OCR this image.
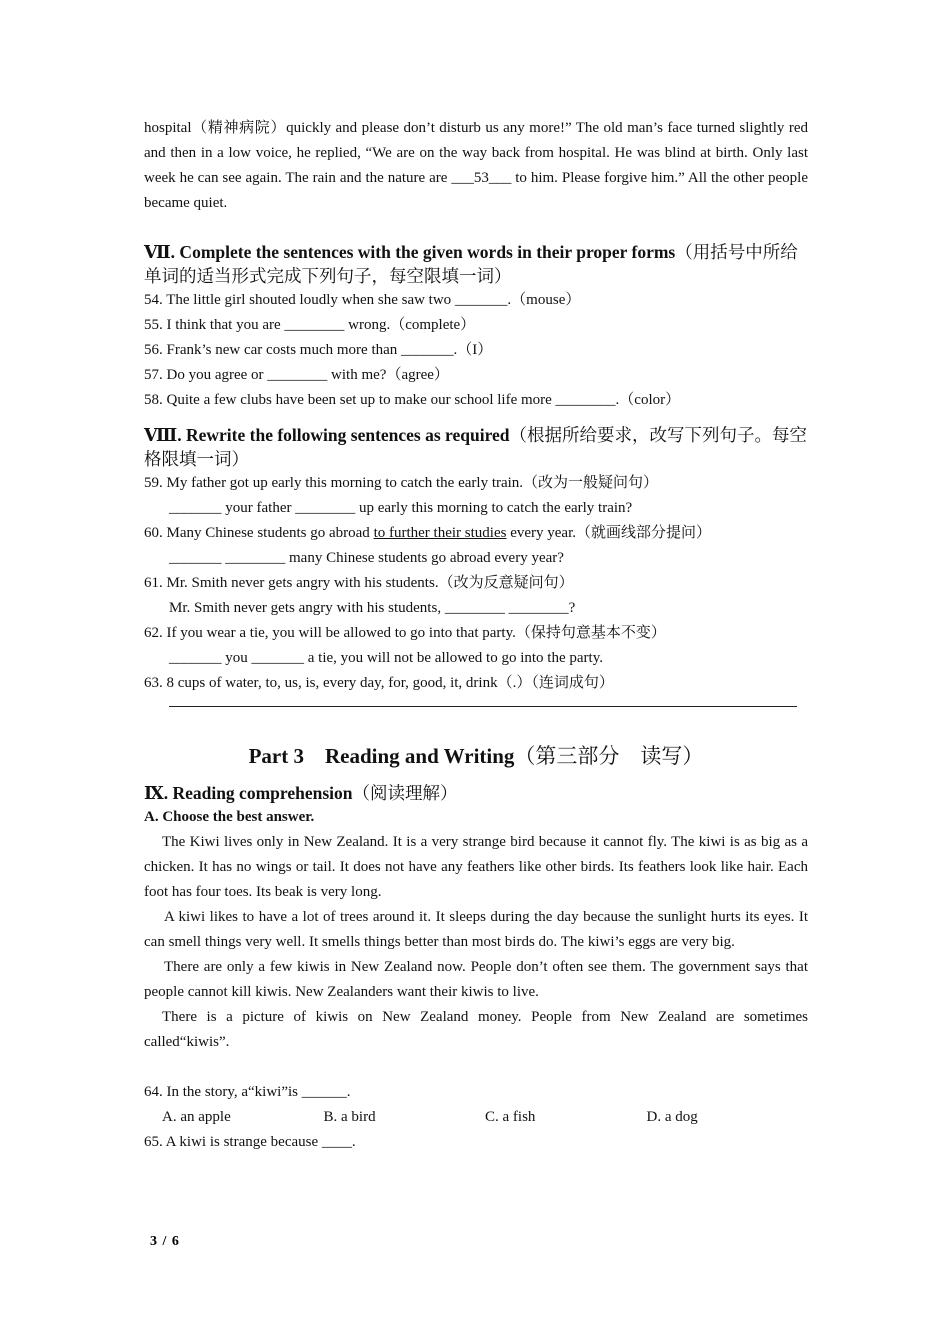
hospital（精神病院）quickly and please don’t disturb us any more!” The old man’s face turned slightly red and then in a low voice, he replied, “We are on the way back from hospital. He was blind at birth. Only last week he can see again. The rain and the nature are ___53___ to him. Please forgive him.” All the other people became quiet.

Ⅶ. Complete the sentences with the given words in their proper forms（用括号中所给单词的适当形式完成下列句子，每空限填一词）

54. The little girl shouted loudly when she saw two _______.（mouse）

55. I think that you are ________ wrong.（complete）

56. Frank’s new car costs much more than _______.（I）

57. Do you agree or ________ with me?（agree）

58. Quite a few clubs have been set up to make our school life more ________.（color）

Ⅷ. Rewrite the following sentences as required（根据所给要求，改写下列句子。每空格限填一词）

59. My father got up early this morning to catch the early train.（改为一般疑问句）

_______ your father ________ up early this morning to catch the early train?

60. Many Chinese students go abroad to further their studies every year.（就画线部分提问）

_______ ________ many Chinese students go abroad every year?

61. Mr. Smith never gets angry with his students.（改为反意疑问句）

Mr. Smith never gets angry with his students, ________ ________?

62. If you wear a tie, you will be allowed to go into that party.（保持句意基本不变）

_______ you _______ a tie, you will not be allowed to go into the party.

63. 8 cups of water, to, us, is, every day, for, good, it, drink（.）（连词成句）

Part 3　Reading and Writing（第三部分　读写）

Ⅸ. Reading comprehension（阅读理解）

A. Choose the best answer.

The Kiwi lives only in New Zealand. It is a very strange bird because it cannot fly. The kiwi is as big as a chicken. It has no wings or tail. It does not have any feathers like other birds. Its feathers look like hair. Each foot has four toes. Its beak is very long.

A kiwi likes to have a lot of trees around it. It sleeps during the day because the sunlight hurts its eyes. It can smell things very well. It smells things better than most birds do. The kiwi’s eggs are very big.

There are only a few kiwis in New Zealand now. People don’t often see them. The government says that people cannot kill kiwis. New Zealanders want their kiwis to live.

There is a picture of kiwis on New Zealand money. People from New Zealand are sometimes called“kiwis”.

64. In the story, a“kiwi”is ______.

A. an apple	B. a bird	C. a fish	D. a dog

65. A kiwi is strange because ____.

3 / 6
